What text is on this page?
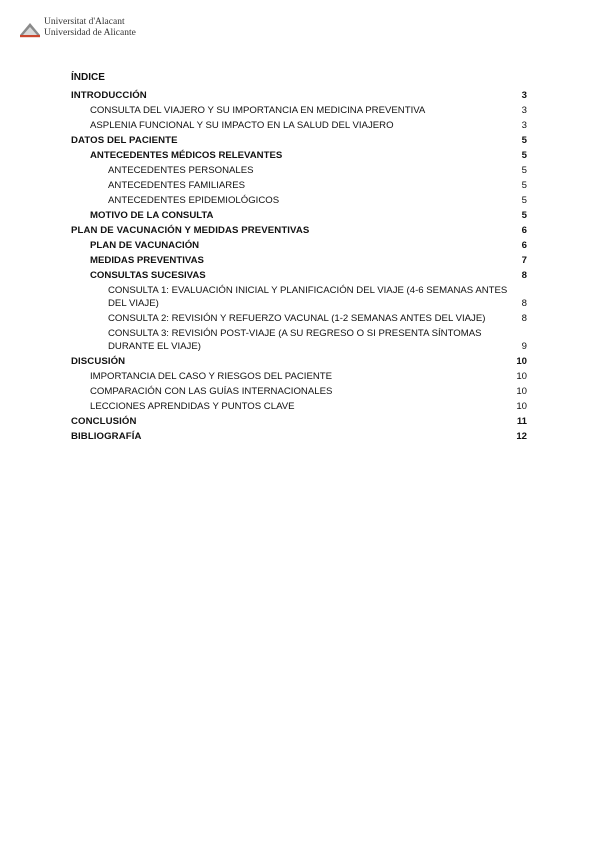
Universitat d'Alacant
Universidad de Alicante
ÍNDICE
INTRODUCCIÓN	3
CONSULTA DEL VIAJERO Y SU IMPORTANCIA EN MEDICINA PREVENTIVA	3
ASPLENIA FUNCIONAL Y SU IMPACTO EN LA SALUD DEL VIAJERO	3
DATOS DEL PACIENTE	5
ANTECEDENTES MÉDICOS RELEVANTES	5
ANTECEDENTES PERSONALES	5
ANTECEDENTES FAMILIARES	5
ANTECEDENTES EPIDEMIOLÓGICOS	5
MOTIVO DE LA CONSULTA	5
PLAN DE VACUNACIÓN Y MEDIDAS PREVENTIVAS	6
PLAN DE VACUNACIÓN	6
MEDIDAS PREVENTIVAS	7
CONSULTAS SUCESIVAS	8
CONSULTA 1: EVALUACIÓN INICIAL Y PLANIFICACIÓN DEL VIAJE (4-6 SEMANAS ANTES DEL VIAJE)	8
CONSULTA 2: REVISIÓN Y REFUERZO VACUNAL (1-2 SEMANAS ANTES DEL VIAJE)	8
CONSULTA 3: REVISIÓN POST-VIAJE (A SU REGRESO O SI PRESENTA SÍNTOMAS DURANTE EL VIAJE)	9
DISCUSIÓN	10
IMPORTANCIA DEL CASO Y RIESGOS DEL PACIENTE	10
COMPARACIÓN CON LAS GUÍAS INTERNACIONALES	10
LECCIONES APRENDIDAS Y PUNTOS CLAVE	10
CONCLUSIÓN	11
BIBLIOGRAFÍA	12
